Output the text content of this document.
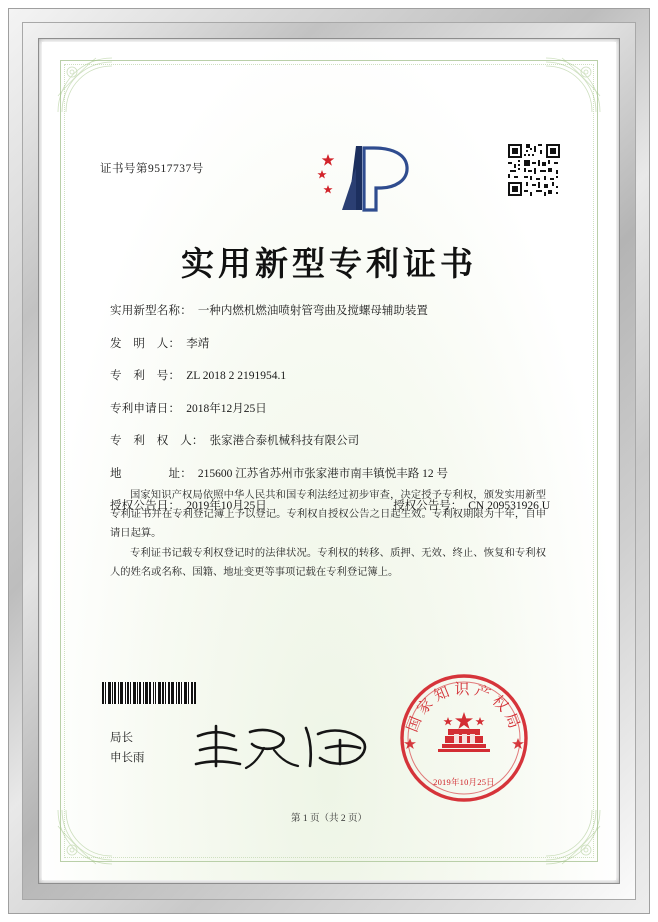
证书号第9517737号
实用新型专利证书
实用新型名称： 一种内燃机燃油喷射管弯曲及搅螺母辅助装置
发　明　人： 李靖
专　利　号： ZL 2018 2 2191954.1
专利申请日： 2018年12月25日
专　利　权　人： 张家港合泰机械科技有限公司
地　　　　址： 215600 江苏省苏州市张家港市南丰镇悦丰路 12 号
授权公告日： 2019年10月25日	授权公告号： CN 209531926 U

国家知识产权局依照中华人民共和国专利法经过初步审查，决定授予专利权，颁发实用新型专利证书并在专利登记簿上予以登记。专利权自授权公告之日起生效。专利权期限为十年，自申请日起算。

专利证书记载专利权登记时的法律状况。专利权的转移、质押、无效、终止、恢复和专利权人的姓名或名称、国籍、地址变更等事项记载在专利登记簿上。

局长
申长雨
国家知识产权局
2019年10月25日
第 1 页（共 2 页）
